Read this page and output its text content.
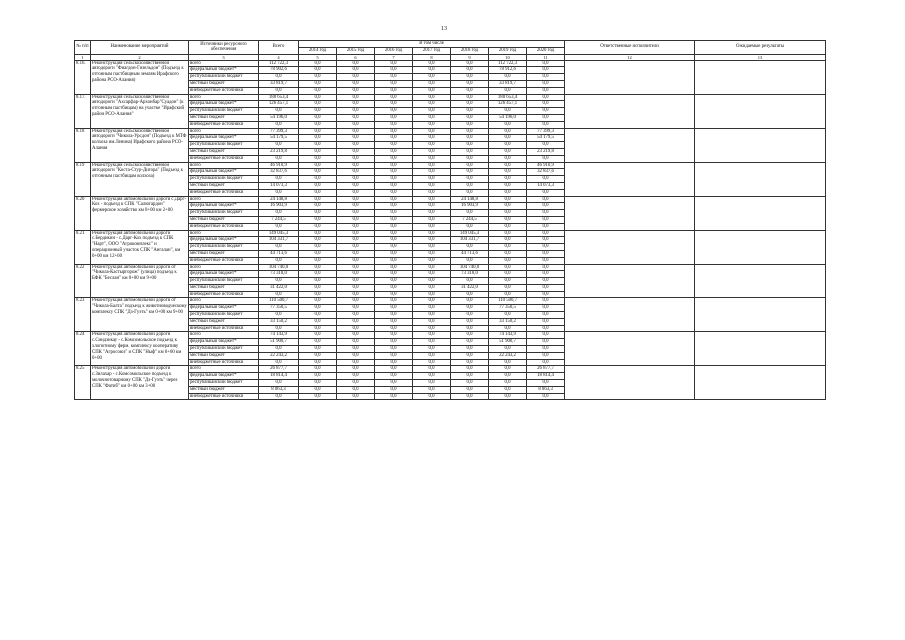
13
№ п/п	Наименование мероприятий	Источники ресурсного обеспечения	Всего	В том числе							Ответственные исполнители	Ожидаемые результаты
				2014 год	2015 год	2016 год	2017 год	2018 год	2019 год	2020 год		
1	2	3	4	5	6	7	8	9	10	11	12	13
8.16.	Реконструкция сельскохозяйственной автодороги "Фиагдон-Гизельдон" (Подъезд к отгонным пастбищным землям Ирафского района РСО-Алания)	всего	112 722,3	0,0	0,0	0,0	0,0	0,0	112 722,3	0,0		
		федеральный бюджет*	78 902,6	0,0	0,0	0,0	0,0	0,0	78 912,6	0,0		
		республиканский бюджет	0,0	0,0	0,0	0,0	0,0	0,0	0,0	0,0		
		местный бюджет	33 819,7	0,0	0,0	0,0	0,0	0,0	33 819,7	0,0		
		внебюджетные источники	0,0	0,0	0,0	0,0	0,0	0,0	0,0	0,0		
8.17.	Реконструкция сельскохозяйственной автодороги "Ахсарфар-Архонбар"Суадон" (к отгонным пастбищам) на участке "Ирафский район РСО-Алания"	всего	180 653,4	0,0	0,0	0,0	0,0	0,0	180 653,4	0,0		
		федеральный бюджет*	126 457,1	0,0	0,0	0,0	0,0	0,0	126 457,1	0,0		
		республиканский бюджет	0,0	0,0	0,0	0,0	0,0	0,0	0,0	0,0		
		местный бюджет	54 196,0	0,0	0,0	0,0	0,0	0,0	54 196,0	0,0		
		внебюджетные источники	0,0	0,0	0,0	0,0	0,0	0,0	0,0	0,0		
8.18	Реконструкция сельскохозяйственной автодороги "Чикола-Урсдон" (Подъезд к МТФ колхоза им.Ленина) Ирафского района РСО-Алания	всего	77 399,3	0,0	0,0	0,0	0,0	0,0	0,0	77 399,3		
		федеральный бюджет*	54 179,5	0,0	0,0	0,0	0,0	0,0	0,0	54 179,5		
		республиканский бюджет	0,0	0,0	0,0	0,0	0,0	0,0	0,0	0,0		
		местный бюджет	23 219,8	0,0	0,0	0,0	0,0	0,0	0,0	23 219,8		
		внебюджетные источники	0,0	0,0	0,0	0,0	0,0	0,0	0,0	0,0		
8.19	Реконструкция сельскохозяйственной автодороги "Коста-Стур-Дигора" (Подъезд к отгонным пастбищам колхоза)	всего	46 910,9	0,0	0,0	0,0	0,0	0,0	0,0	46 910,9		
		федеральный бюджет*	32 837,6	0,0	0,0	0,0	0,0	0,0	0,0	32 837,6		
		республиканский бюджет	0,0	0,0	0,0	0,0	0,0	0,0	0,0	0,0		
		местный бюджет	14 073,3	0,0	0,0	0,0	0,0	0,0	0,0	14 073,3		
		внебюджетные источники	0,0	0,0	0,0	0,0	0,0	0,0	0,0	0,0		
8.20	Реконструкция автомобильной дороги с.Дарг-Кох - подъезд к СПК "Салюгардон" фермерское хозяйство км 0+00 км 2+00	всего	24 148,8	0,0	0,0	0,0	0,0	24 148,8	0,0	0,0		
		федеральный бюджет*	16 903,9	0,0	0,0	0,0	0,0	16 903,9	0,0	0,0		
		республиканский бюджет	0,0	0,0	0,0	0,0	0,0	0,0	0,0	0,0		
		местный бюджет	7 244,5	0,0	0,0	0,0	0,0	7 244,5	0,0	0,0		
		внебюджетные источники	0,0	0,0	0,0	0,0	0,0	0,0	0,0	0,0		
8.21	Реконструкция автомобильной дороги с.Бердикин - с.Дарг-Кох подъезд к СПК "Нарт", ООО "Агрокомплекс" и операционный участок СПК "Ангалан", км 0+00 км 12+00	всего	149 045,3	0,0	0,0	0,0	0,0	149 045,3	0,0	0,0		
		федеральный бюджет*	104 331,7	0,0	0,0	0,0	0,0	104 331,7	0,0	0,0		
		республиканский бюджет	0,0	0,0	0,0	0,0	0,0	0,0	0,0	0,0		
		местный бюджет	44 713,6	0,0	0,0	0,0	0,0	44 713,6	0,0	0,0		
		внебюджетные источники	0,0	0,0	0,0	0,0	0,0	0,0	0,0	0,0		
8.22	Реконструкция автомобильной дороги от "Чикола-Кастыргорож" (улица) подъезд к БФК "Беслан" км 0+00 км 9+00	всего	104 740,0	0,0	0,0	0,0	0,0	104 740,0	0,0	0,0		
		федеральный бюджет*	73 318,0	0,0	0,0	0,0	0,0	73 318,0	0,0	0,0		
		республиканский бюджет	0,0	0,0	0,0	0,0	0,0	0,0	0,0	0,0		
		местный бюджет	31 422,0	0,0	0,0	0,0	0,0	31 422,0	0,0	0,0		
		внебюджетные источники	0,0	0,0	0,0	0,0	0,0	0,0	0,0	0,0		
8.23	Реконструкция автомобильной дороги от "Чикола-Балта" подъезд к животноводческому комплексу СПК "Дз-Гуэть" км 0+00 км 9+00	всего	110 500,7	0,0	0,0	0,0	0,0	0,0	110 500,7	0,0		
		федеральный бюджет*	77 350,5	0,0	0,0	0,0	0,0	0,0	77 350,5	0,0		
		республиканский бюджет	0,0	0,0	0,0	0,0	0,0	0,0	0,0	0,0		
		местный бюджет	33 150,2	0,0	0,0	0,0	0,0	0,0	33 150,2	0,0		
		внебюджетные источники	0,0	0,0	0,0	0,0	0,0	0,0	0,0	0,0		
8.24	Реконструкция автомобильной дороги с.Синдзикау - с.Комсомольское подъезд к хлопотному ферм. комплексу кооперативу СПК "Агросоюз" и СПК "Ныф" км 0+00 км 0+00	всего	74 143,9	0,0	0,0	0,0	0,0	0,0	74 143,9	0,0		
		федеральный бюджет*	51 900,7	0,0	0,0	0,0	0,0	0,0	51 900,7	0,0		
		республиканский бюджет	0,0	0,0	0,0	0,0	0,0	0,0	0,0	0,0		
		местный бюджет	22 243,2	0,0	0,0	0,0	0,0	0,0	22 243,2	0,0		
		внебюджетные источники	0,0	0,0	0,0	0,0	0,0	0,0	0,0	0,0		
8.25	Реконструкция автомобильной дороги с.Зилахар - с.Комсомольское подъезд к молочнотоварному СПК "Дз-Гуэть" через СПК "Фатиб" км 0+00 км 3+00	всего	26 877,7	0,0	0,0	0,0	0,0	0,0	0,0	26 877,7		
		федеральный бюджет*	18 814,4	0,0	0,0	0,0	0,0	0,0	0,0	18 814,4		
		республиканский бюджет	0,0	0,0	0,0	0,0	0,0	0,0	0,0	0,0		
		местный бюджет	8 063,3	0,0	0,0	0,0	0,0	0,0	0,0	8 063,3		
		внебюджетные источники	0,0	0,0	0,0	0,0	0,0	0,0	0,0	0,0		
